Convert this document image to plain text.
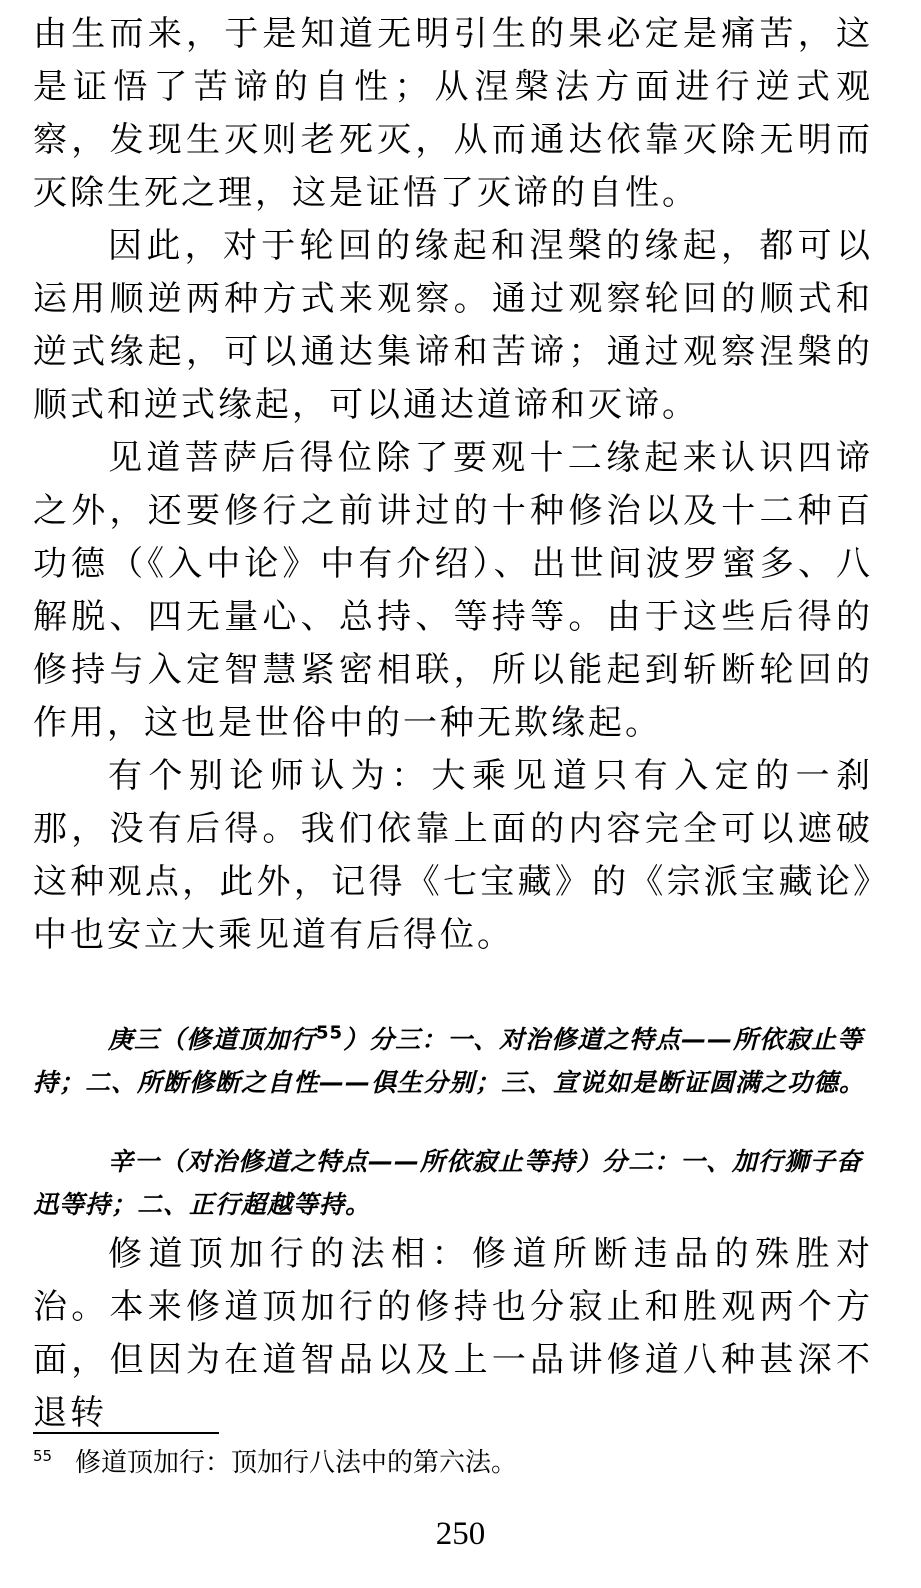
由生而来，于是知道无明引生的果必定是痛苦，这是证悟了苦谛的自性；从涅槃法方面进行逆式观察，发现生灭则老死灭，从而通达依靠灭除无明而灭除生死之理，这是证悟了灭谛的自性。

因此，对于轮回的缘起和涅槃的缘起，都可以运用顺逆两种方式来观察。通过观察轮回的顺式和逆式缘起，可以通达集谛和苦谛；通过观察涅槃的顺式和逆式缘起，可以通达道谛和灭谛。

见道菩萨后得位除了要观十二缘起来认识四谛之外，还要修行之前讲过的十种修治以及十二种百功德（《入中论》中有介绍）、出世间波罗蜜多、八解脱、四无量心、总持、等持等。由于这些后得的修持与入定智慧紧密相联，所以能起到斩断轮回的作用，这也是世俗中的一种无欺缘起。

有个别论师认为：大乘见道只有入定的一刹那，没有后得。我们依靠上面的内容完全可以遮破这种观点，此外，记得《七宝藏》的《宗派宝藏论》中也安立大乘见道有后得位。

庚三（修道顶加行$^{55}$）分三：一、对治修道之特点——所依寂止等持；二、所断修断之自性——俱生分别；三、宣说如是断证圆满之功德。

辛一（对治修道之特点——所依寂止等持）分二：一、加行狮子奋迅等持；二、正行超越等持。

修道顶加行的法相：修道所断违品的殊胜对治。本来修道顶加行的修持也分寂止和胜观两个方面，但因为在道智品以及上一品讲修道八种甚深不退转

55 修道顶加行：顶加行八法中的第六法。
250
